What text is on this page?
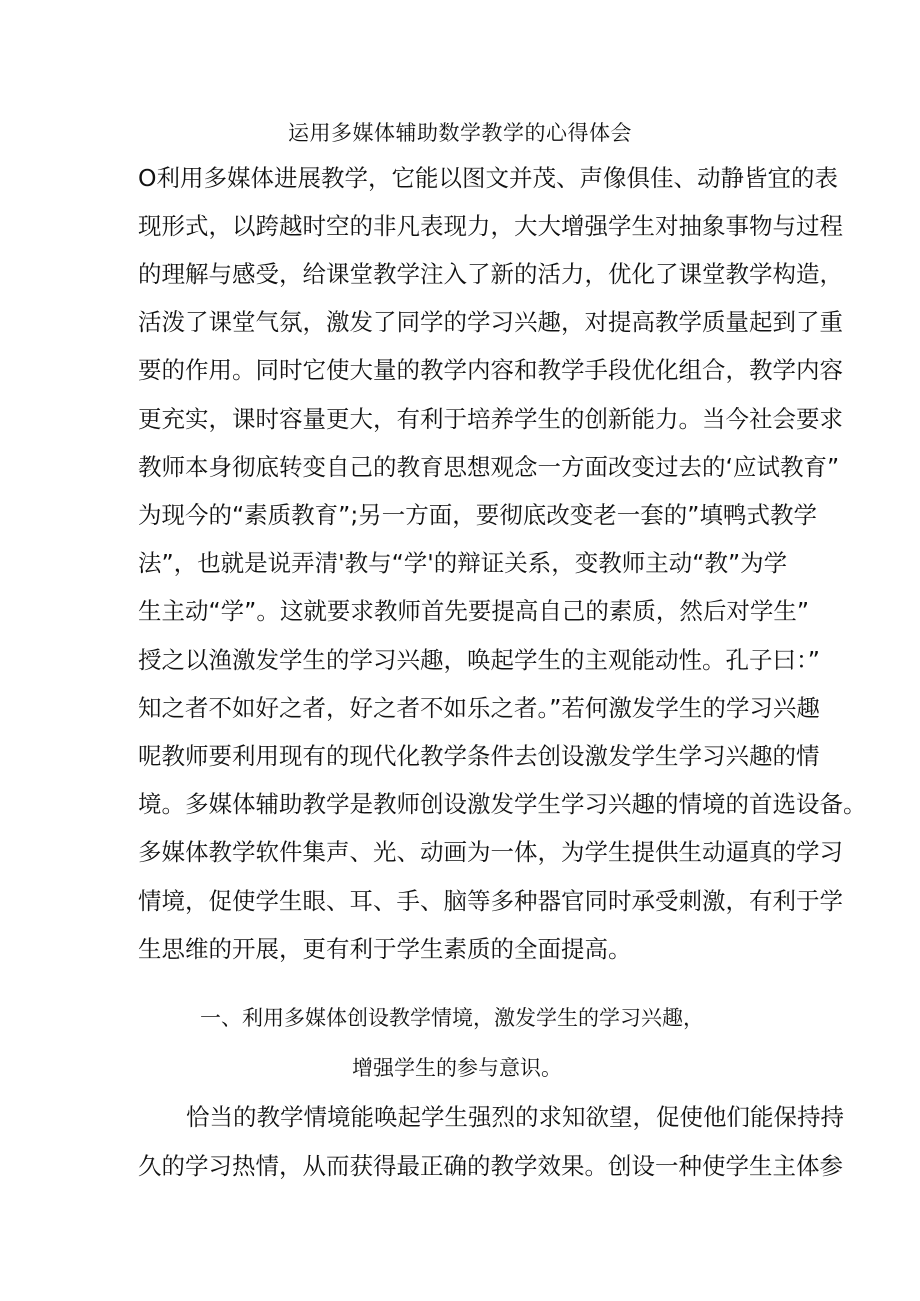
运用多媒体辅助数学教学的心得体会
O利用多媒体进展教学，它能以图文并茂、声像俱佳、动静皆宜的表
现形式，以跨越时空的非凡表现力，大大增强学生对抽象事物与过程
的理解与感受，给课堂教学注入了新的活力，优化了课堂教学构造，
活泼了课堂气氛，激发了同学的学习兴趣，对提高教学质量起到了重
要的作用。同时它使大量的教学内容和教学手段优化组合，教学内容
更充实，课时容量更大，有利于培养学生的创新能力。当今社会要求
教师本身彻底转变自己的教育思想观念一方面改变过去的‘应试教育”
为现今的“素质教育”;另一方面，要彻底改变老一套的”填鸭式教学
法”，也就是说弄清'教与“学'的辩证关系，变教师主动“教”为学
生主动“学”。这就要求教师首先要提高自己的素质，然后对学生”
授之以渔激发学生的学习兴趣，唤起学生的主观能动性。孔子曰：”
知之者不如好之者，好之者不如乐之者。”若何激发学生的学习兴趣
呢教师要利用现有的现代化教学条件去创设激发学生学习兴趣的情
境。多媒体辅助教学是教师创设激发学生学习兴趣的情境的首选设备。
多媒体教学软件集声、光、动画为一体，为学生提供生动逼真的学习
情境，促使学生眼、耳、手、脑等多种器官同时承受刺激，有利于学
生思维的开展，更有利于学生素质的全面提高。
一、利用多媒体创设教学情境，激发学生的学习兴趣，
增强学生的参与意识。
恰当的教学情境能唤起学生强烈的求知欲望，促使他们能保持持
久的学习热情，从而获得最正确的教学效果。创设一种使学生主体参
